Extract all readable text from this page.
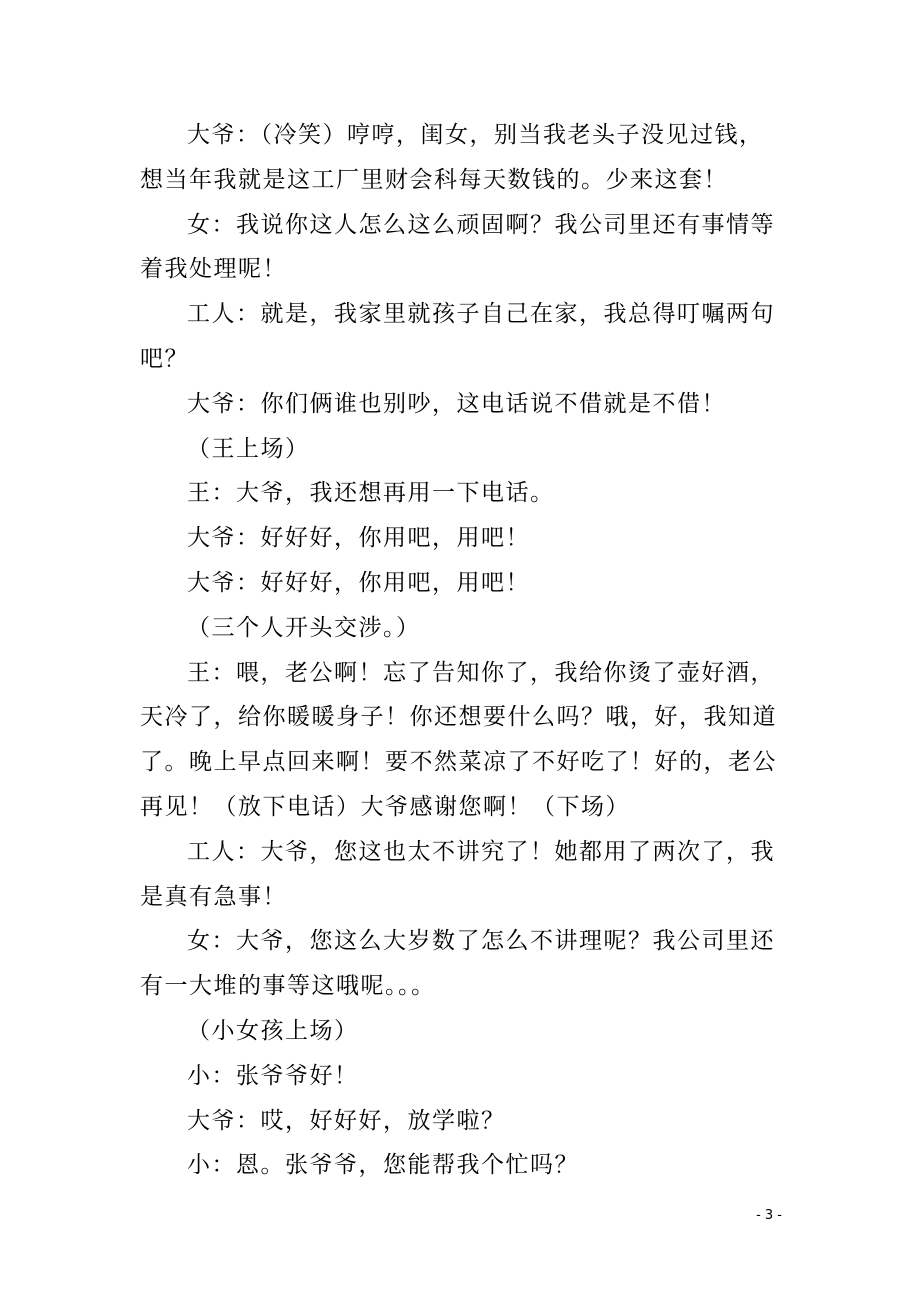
大爷：（冷笑）哼哼，闺女，别当我老头子没见过钱，
想当年我就是这工厂里财会科每天数钱的。少来这套！

女：我说你这人怎么这么顽固啊？我公司里还有事情等
着我处理呢！

工人：就是，我家里就孩子自己在家，我总得叮嘱两句
吧？

大爷：你们俩谁也别吵，这电话说不借就是不借！

（王上场）

王：大爷，我还想再用一下电话。

大爷：好好好，你用吧，用吧！

大爷：好好好，你用吧，用吧！

（三个人开头交涉。）

王：喂，老公啊！忘了告知你了，我给你烫了壶好酒，
天冷了，给你暖暖身子！你还想要什么吗？哦，好，我知道
了。晚上早点回来啊！要不然菜凉了不好吃了！好的，老公
再见！（放下电话）大爷感谢您啊！（下场）

工人：大爷，您这也太不讲究了！她都用了两次了，我
是真有急事！

女：大爷，您这么大岁数了怎么不讲理呢？我公司里还
有一大堆的事等这哦呢。。。

（小女孩上场）

小：张爷爷好！

大爷：哎，好好好，放学啦？

小：恩。张爷爷，您能帮我个忙吗？

- 3 -
